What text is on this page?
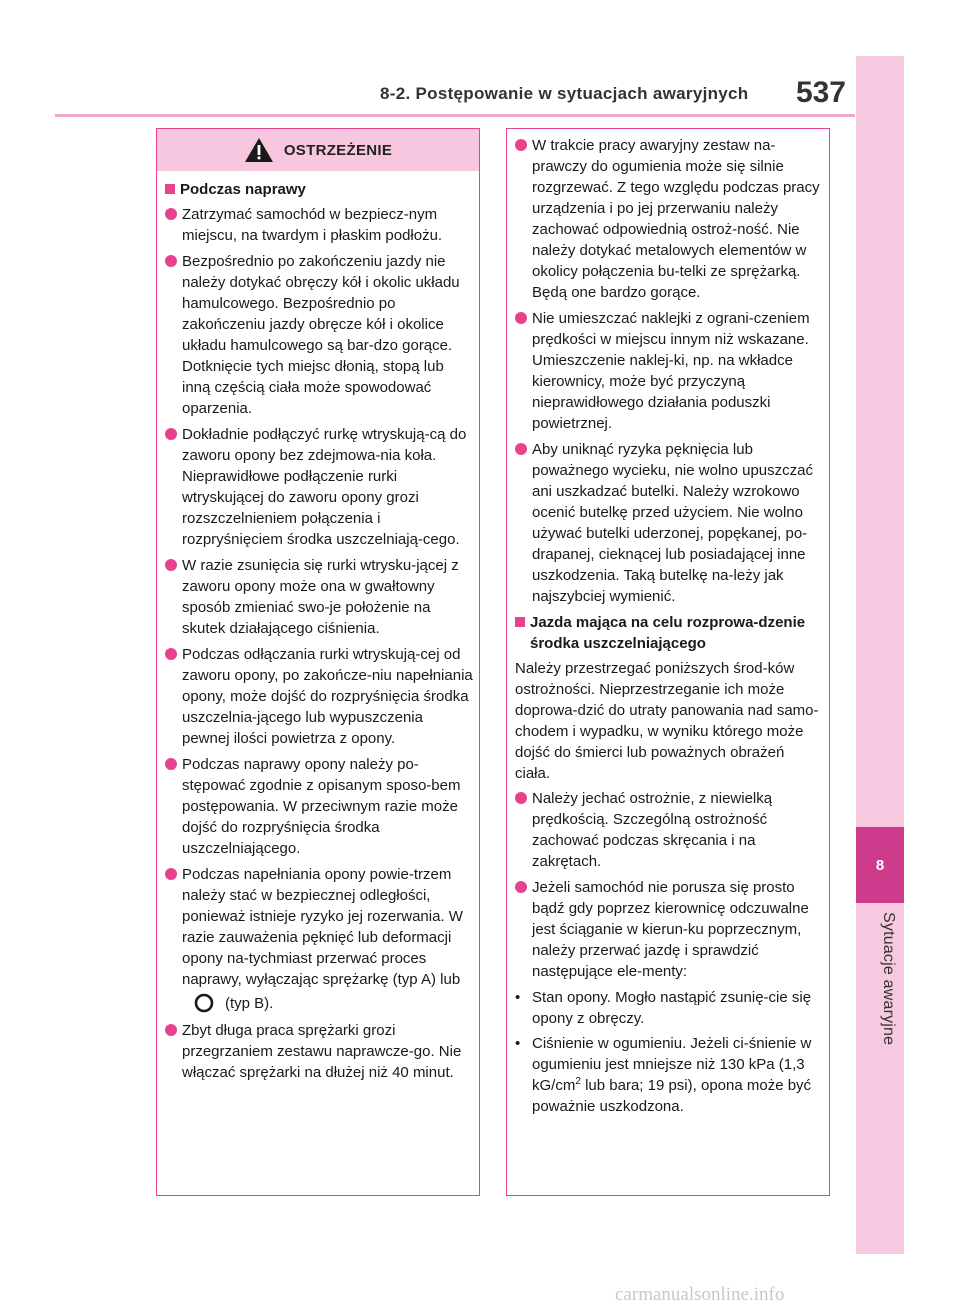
8
Sytuacje awaryjne
8-2. Postępowanie w sytuacjach awaryjnych 537
OSTRZEŻENIE
Podczas naprawy
Zatrzymać samochód w bezpiecz-nym miejscu, na twardym i płaskim podłożu.
Bezpośrednio po zakończeniu jazdy nie należy dotykać obręczy kół i okolic układu hamulcowego. Bezpośrednio po zakończeniu jazdy obręcze kół i okolice układu hamulcowego są bar-dzo gorące. Dotknięcie tych miejsc dłonią, stopą lub inną częścią ciała może spowodować oparzenia.
Dokładnie podłączyć rurkę wtryskują-cą do zaworu opony bez zdejmowa-nia koła. Nieprawidłowe podłączenie rurki wtryskującej do zaworu opony grozi rozszczelnieniem połączenia i rozpryśnięciem środka uszczelniają-cego.
W razie zsunięcia się rurki wtrysku-jącej z zaworu opony może ona w gwałtowny sposób zmieniać swo-je położenie na skutek działającego ciśnienia.
Podczas odłączania rurki wtryskują-cej od zaworu opony, po zakończe-niu napełniania opony, może dojść do rozpryśnięcia środka uszczelnia-jącego lub wypuszczenia pewnej ilości powietrza z opony.
Podczas naprawy opony należy po-stępować zgodnie z opisanym sposo-bem postępowania. W przeciwnym razie może dojść do rozpryśnięcia środka uszczelniającego.
Podczas napełniania opony powie-trzem należy stać w bezpiecznej odległości, ponieważ istnieje ryzyko jej rozerwania. W razie zauważenia pęknięć lub deformacji opony na-tychmiast przerwać proces naprawy, wyłączając sprężarkę (typ A) lub
(typ B).
Zbyt długa praca sprężarki grozi przegrzaniem zestawu naprawcze-go. Nie włączać sprężarki na dłużej niż 40 minut.
W trakcie pracy awaryjny zestaw na-prawczy do ogumienia może się silnie rozgrzewać. Z tego względu podczas pracy urządzenia i po jej przerwaniu należy zachować odpowiednią ostroż-ność. Nie należy dotykać metalowych elementów w okolicy połączenia bu-telki ze sprężarką. Będą one bardzo gorące.
Nie umieszczać naklejki z ograni-czeniem prędkości w miejscu innym niż wskazane. Umieszczenie naklej-ki, np. na wkładce kierownicy, może być przyczyną nieprawidłowego działania poduszki powietrznej.
Aby uniknąć ryzyka pęknięcia lub poważnego wycieku, nie wolno upuszczać ani uszkadzać butelki. Należy wzrokowo ocenić butelkę przed użyciem. Nie wolno używać butelki uderzonej, popękanej, po-drapanej, cieknącej lub posiadającej inne uszkodzenia. Taką butelkę na-leży jak najszybciej wymienić.
Jazda mająca na celu rozprowa-dzenie środka uszczelniającego
Należy przestrzegać poniższych środ-ków ostrożności. Nieprzestrzeganie ich może doprowa-dzić do utraty panowania nad samo-chodem i wypadku, w wyniku którego może dojść do śmierci lub poważnych obrażeń ciała.
Należy jechać ostrożnie, z niewielką prędkością. Szczególną ostrożność zachować podczas skręcania i na zakrętach.
Jeżeli samochód nie porusza się prosto bądź gdy poprzez kierownicę odczuwalne jest ściąganie w kierun-ku poprzecznym, należy przerwać jazdę i sprawdzić następujące ele-menty:
• Stan opony. Mogło nastąpić zsunię-cie się opony z obręczy.
• Ciśnienie w ogumieniu. Jeżeli ci-śnienie w ogumieniu jest mniejsze niż 130 kPa (1,3 $kG/cm^2$ lub bara; 19 psi), opona może być poważnie uszkodzona.
carmanualsonline.info
